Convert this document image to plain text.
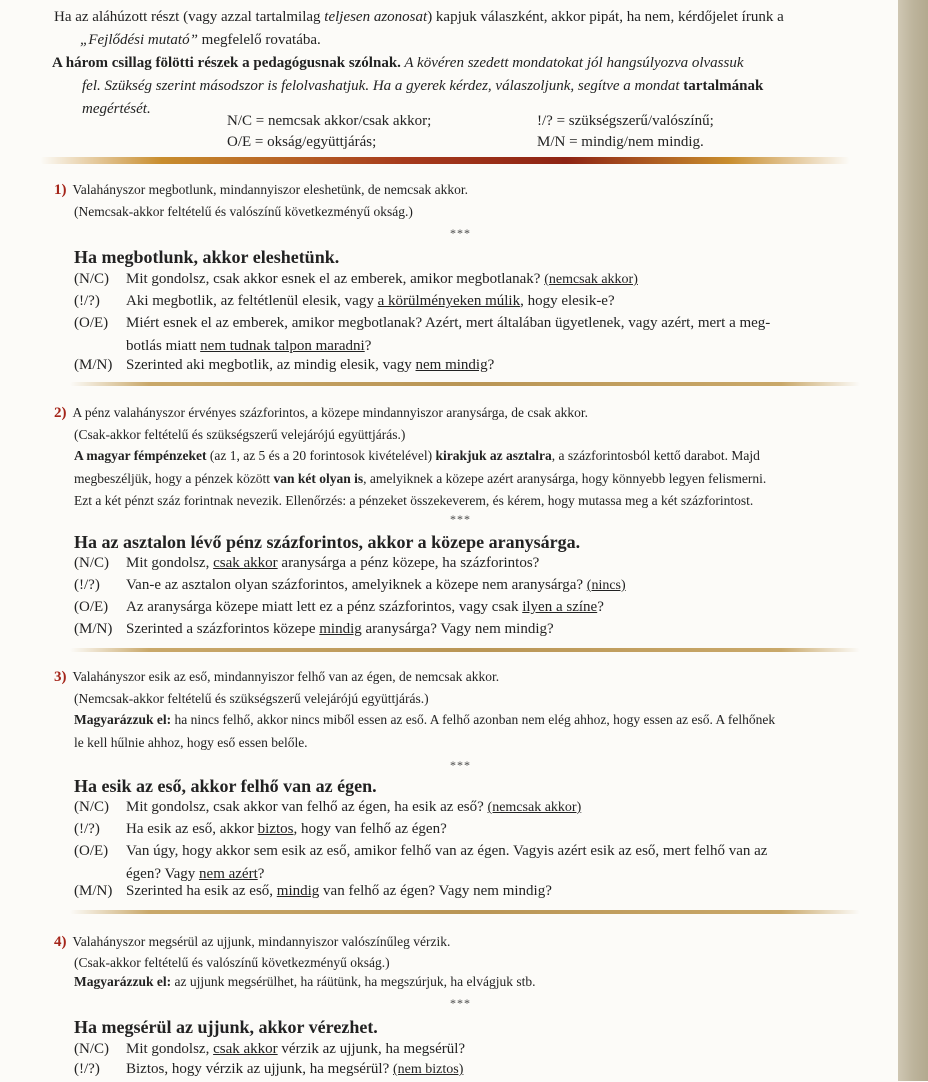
Ha az aláhúzott részt (vagy azzal tartalmilag teljesen azonosat) kapjuk válaszként, akkor pipát, ha nem, kérdőjelet írunk a

„Fejlődési mutató” megfelelő rovatába.

A három csillag fölötti részek a pedagógusnak szólnak. A kövéren szedett mondatokat jól hangsúlyozva olvassuk

fel. Szükség szerint másodszor is felolvashatjuk. Ha a gyerek kérdez, válaszoljunk, segítve a mondat tartalmának

megértését.

N/C = nemcsak akkor/csak akkor;	!/? = szükségszerű/valószínű;
O/E = okság/együttjárás;	M/N = mindig/nem mindig.
1) Valahányszor megbotlunk, mindannyiszor eleshetünk, de nemcsak akkor.
(Nemcsak-akkor feltételű és valószínű következményű okság.)
***
Ha megbotlunk, akkor eleshetünk.
(N/C)	Mit gondolsz, csak akkor esnek el az emberek, amikor megbotlanak? (nemcsak akkor)
(!/?)	Aki megbotlik, az feltétlenül elesik, vagy a körülményeken múlik, hogy elesik-e?
(O/E)	Miért esnek el az emberek, amikor megbotlanak? Azért, mert általában ügyetlenek, vagy azért, mert a meg-
botlás miatt nem tudnak talpon maradni?
(M/N) Szerinted aki megbotlik, az mindig elesik, vagy nem mindig?
2) A pénz valahányszor érvényes százforintos, a közepe mindannyiszor aranysárga, de csak akkor.
(Csak-akkor feltételű és szükségszerű velejárójú együttjárás.)
A magyar fémpénzeket (az 1, az 5 és a 20 forintosok kivételével) kirakjuk az asztalra, a százforintosból kettő darabot. Majd
megbeszéljük, hogy a pénzek között van két olyan is, amelyiknek a közepe azért aranysárga, hogy könnyebb legyen felismerni.
Ezt a két pénzt száz forintnak nevezik. Ellenőrzés: a pénzeket összekeverem, és kérem, hogy mutassa meg a két százforintost.
***
Ha az asztalon lévő pénz százforintos, akkor a közepe aranysárga.
(N/C)	Mit gondolsz, csak akkor aranysárga a pénz közepe, ha százforintos?
(!/?)	Van-e az asztalon olyan százforintos, amelyiknek a közepe nem aranysárga? (nincs)
(O/E)	Az aranysárga közepe miatt lett ez a pénz százforintos, vagy csak ilyen a színe?
(M/N) Szerinted a százforintos közepe mindig aranysárga? Vagy nem mindig?
3) Valahányszor esik az eső, mindannyiszor felhő van az égen, de nemcsak akkor.
(Nemcsak-akkor feltételű és szükségszerű velejárójú együttjárás.)
Magyarázzuk el: ha nincs felhő, akkor nincs miből essen az eső. A felhő azonban nem elég ahhoz, hogy essen az eső. A felhőnek
le kell hűlnie ahhoz, hogy eső essen belőle.
***
Ha esik az eső, akkor felhő van az égen.
(N/C)	Mit gondolsz, csak akkor van felhő az égen, ha esik az eső? (nemcsak akkor)
(!/?)	Ha esik az eső, akkor biztos, hogy van felhő az égen?
(O/E)	Van úgy, hogy akkor sem esik az eső, amikor felhő van az égen. Vagyis azért esik az eső, mert felhő van az
égen? Vagy nem azért?
(M/N) Szerinted ha esik az eső, mindig van felhő az égen? Vagy nem mindig?
4) Valahányszor megsérül az ujjunk, mindannyiszor valószínűleg vérzik.
(Csak-akkor feltételű és valószínű következményű okság.)
Magyarázzuk el: az ujjunk megsérülhet, ha ráütünk, ha megszúrjuk, ha elvágjuk stb.
***
Ha megsérül az ujjunk, akkor vérezhet.
(N/C)	Mit gondolsz, csak akkor vérzik az ujjunk, ha megsérül?
(!/?)	Biztos, hogy vérzik az ujjunk, ha megsérül? (nem biztos)
